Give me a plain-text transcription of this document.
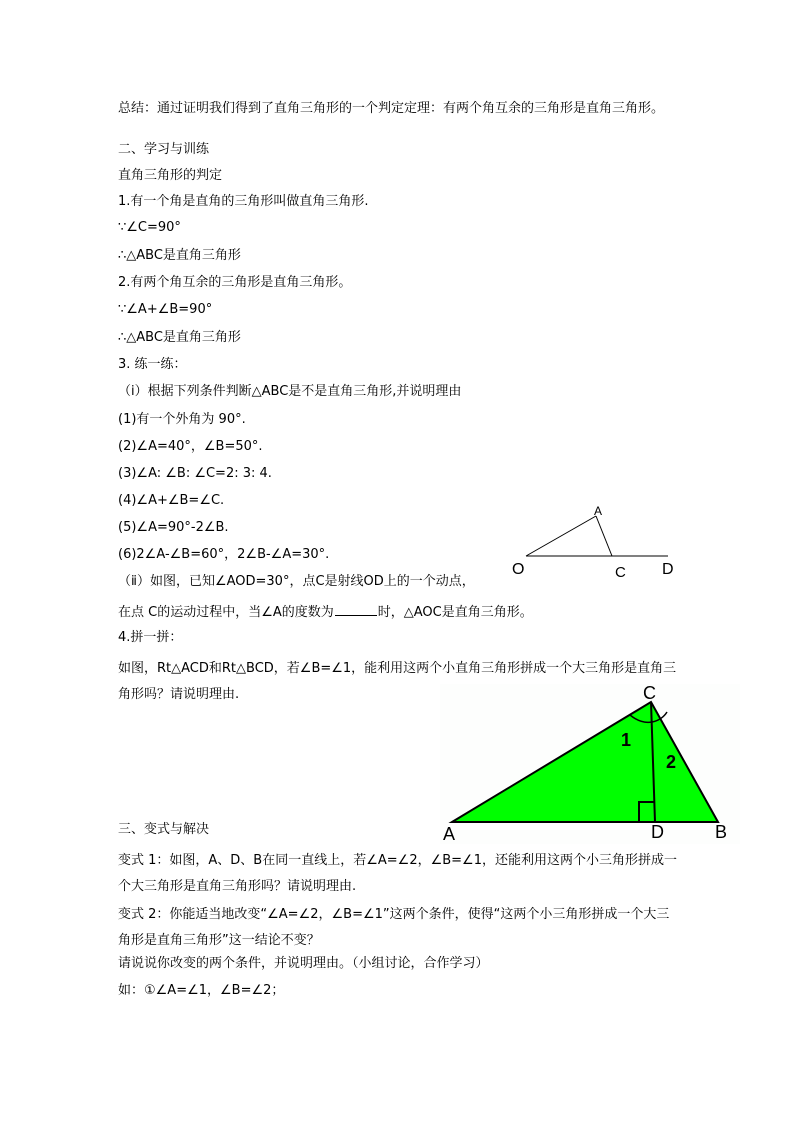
总结：通过证明我们得到了直角三角形的一个判定定理：有两个角互余的三角形是直角三角形。
二、学习与训练
直角三角形的判定
1.有一个角是直角的三角形叫做直角三角形.
∵∠C=90°
∴△ABC是直角三角形
2.有两个角互余的三角形是直角三角形。
∵∠A+∠B=90°
∴△ABC是直角三角形
3. 练一练：
（ⅰ）根据下列条件判断△ABC是不是直角三角形,并说明理由
(1)有一个外角为 90°.
(2)∠A=40°，∠B=50°.
(3)∠A: ∠B: ∠C=2: 3: 4.
(4)∠A+∠B=∠C.
(5)∠A=90°-2∠B.
(6)2∠A-∠B=60°，2∠B-∠A=30°.
（ⅱ）如图，已知∠AOD=30°，点C是射线OD上的一个动点，
在点 C的运动过程中，当∠A的度数为	时，△AOC是直角三角形。
4.拼一拼：
如图，Rt△ACD和Rt△BCD，若∠B=∠1，能利用这两个小直角三角形拼成一个大三角形是直角三角形吗？请说明理由.
三、变式与解决
变式 1：如图，A、D、B在同一直线上，若∠A=∠2，∠B=∠1，还能利用这两个小三角形拼成一个大三角形是直角三角形吗？请说明理由.
变式 2：你能适当地改变“∠A=∠2，∠B=∠1”这两个条件，使得“这两个小三角形拼成一个大三角形是直角三角形”这一结论不变？
请说说你改变的两个条件，并说明理由。（小组讨论，合作学习）
如：①∠A=∠1，∠B=∠2；
A
O	C D
1
2
C
A	D	B
